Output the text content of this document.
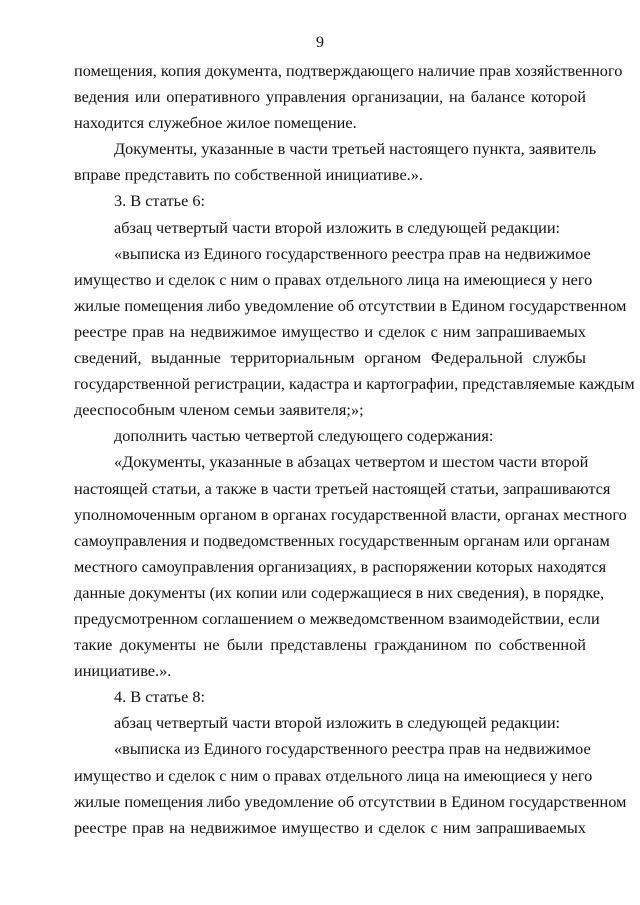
9
помещения, копия документа, подтверждающего наличие прав хозяйственного
ведения или оперативного управления организации, на балансе которой
находится служебное жилое помещение.
Документы, указанные в части третьей настоящего пункта, заявитель
вправе представить по собственной инициативе.».
3. В статье 6:
абзац четвертый части второй изложить в следующей редакции:
«выписка из Единого государственного реестра прав на недвижимое
имущество и сделок с ним о правах отдельного лица на имеющиеся у него
жилые помещения либо уведомление об отсутствии в Едином государственном
реестре прав на недвижимое имущество и сделок с ним запрашиваемых
сведений, выданные территориальным органом Федеральной службы
государственной регистрации, кадастра и картографии, представляемые каждым
дееспособным членом семьи заявителя;»;
дополнить частью четвертой следующего содержания:
«Документы, указанные в абзацах четвертом и шестом части второй
настоящей статьи, а также в части третьей настоящей статьи, запрашиваются
уполномоченным органом в органах государственной власти, органах местного
самоуправления и подведомственных государственным органам или органам
местного самоуправления организациях, в распоряжении которых находятся
данные документы (их копии или содержащиеся в них сведения), в порядке,
предусмотренном соглашением о межведомственном взаимодействии, если
такие документы не были представлены гражданином по собственной
инициативе.».
4. В статье 8:
абзац четвертый части второй изложить в следующей редакции:
«выписка из Единого государственного реестра прав на недвижимое
имущество и сделок с ним о правах отдельного лица на имеющиеся у него
жилые помещения либо уведомление об отсутствии в Едином государственном
реестре прав на недвижимое имущество и сделок с ним запрашиваемых
